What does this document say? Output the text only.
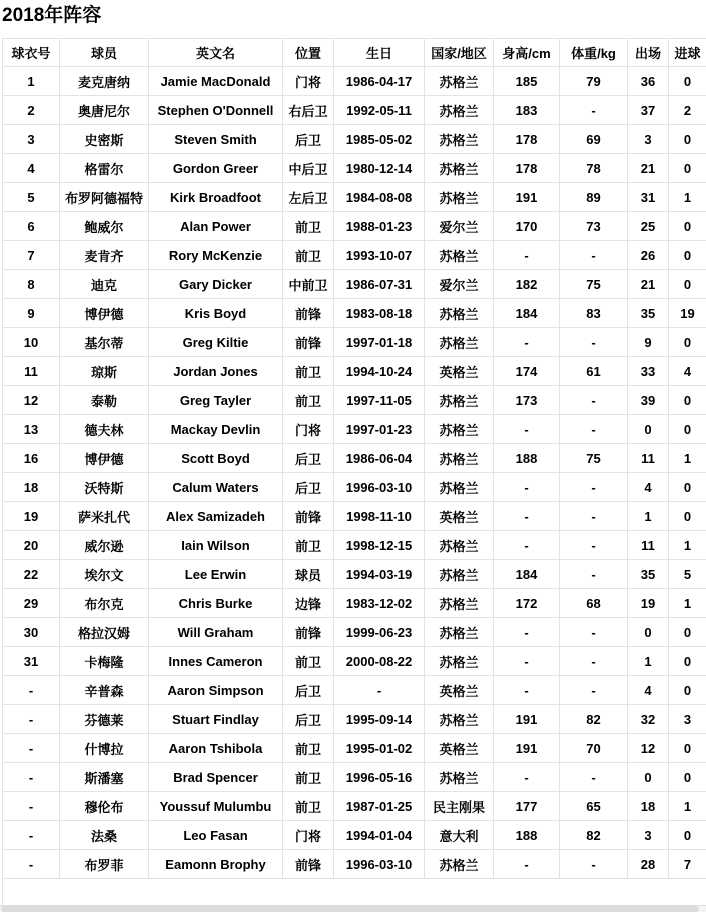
2018年阵容
球衣号	球员	英文名	位置	生日	国家/地区	身高/cm	体重/kg	出场	进球
1	麦克唐纳	Jamie MacDonald	门将	1986-04-17	苏格兰	185	79	36	0
2	奥唐尼尔	Stephen O'Donnell	右后卫	1992-05-11	苏格兰	183	-	37	2
3	史密斯	Steven Smith	后卫	1985-05-02	苏格兰	178	69	3	0
4	格雷尔	Gordon Greer	中后卫	1980-12-14	苏格兰	178	78	21	0
5	布罗阿德福特	Kirk Broadfoot	左后卫	1984-08-08	苏格兰	191	89	31	1
6	鲍威尔	Alan Power	前卫	1988-01-23	爱尔兰	170	73	25	0
7	麦肯齐	Rory McKenzie	前卫	1993-10-07	苏格兰	-	-	26	0
8	迪克	Gary Dicker	中前卫	1986-07-31	爱尔兰	182	75	21	0
9	博伊德	Kris Boyd	前锋	1983-08-18	苏格兰	184	83	35	19
10	基尔蒂	Greg Kiltie	前锋	1997-01-18	苏格兰	-	-	9	0
11	琼斯	Jordan Jones	前卫	1994-10-24	英格兰	174	61	33	4
12	泰勒	Greg Tayler	前卫	1997-11-05	苏格兰	173	-	39	0
13	德夫林	Mackay Devlin	门将	1997-01-23	苏格兰	-	-	0	0
16	博伊德	Scott Boyd	后卫	1986-06-04	苏格兰	188	75	11	1
18	沃特斯	Calum Waters	后卫	1996-03-10	苏格兰	-	-	4	0
19	萨米扎代	Alex Samizadeh	前锋	1998-11-10	英格兰	-	-	1	0
20	威尔逊	Iain Wilson	前卫	1998-12-15	苏格兰	-	-	11	1
22	埃尔文	Lee Erwin	球员	1994-03-19	苏格兰	184	-	35	5
29	布尔克	Chris Burke	边锋	1983-12-02	苏格兰	172	68	19	1
30	格拉汉姆	Will Graham	前锋	1999-06-23	苏格兰	-	-	0	0
31	卡梅隆	Innes Cameron	前卫	2000-08-22	苏格兰	-	-	1	0
-	辛普森	Aaron Simpson	后卫	-	英格兰	-	-	4	0
-	芬德莱	Stuart Findlay	后卫	1995-09-14	苏格兰	191	82	32	3
-	什博拉	Aaron Tshibola	前卫	1995-01-02	英格兰	191	70	12	0
-	斯潘塞	Brad Spencer	前卫	1996-05-16	苏格兰	-	-	0	0
-	穆伦布	Youssuf Mulumbu	前卫	1987-01-25	民主刚果	177	65	18	1
-	法桑	Leo Fasan	门将	1994-01-04	意大利	188	82	3	0
-	布罗菲	Eamonn Brophy	前锋	1996-03-10	苏格兰	-	-	28	7
